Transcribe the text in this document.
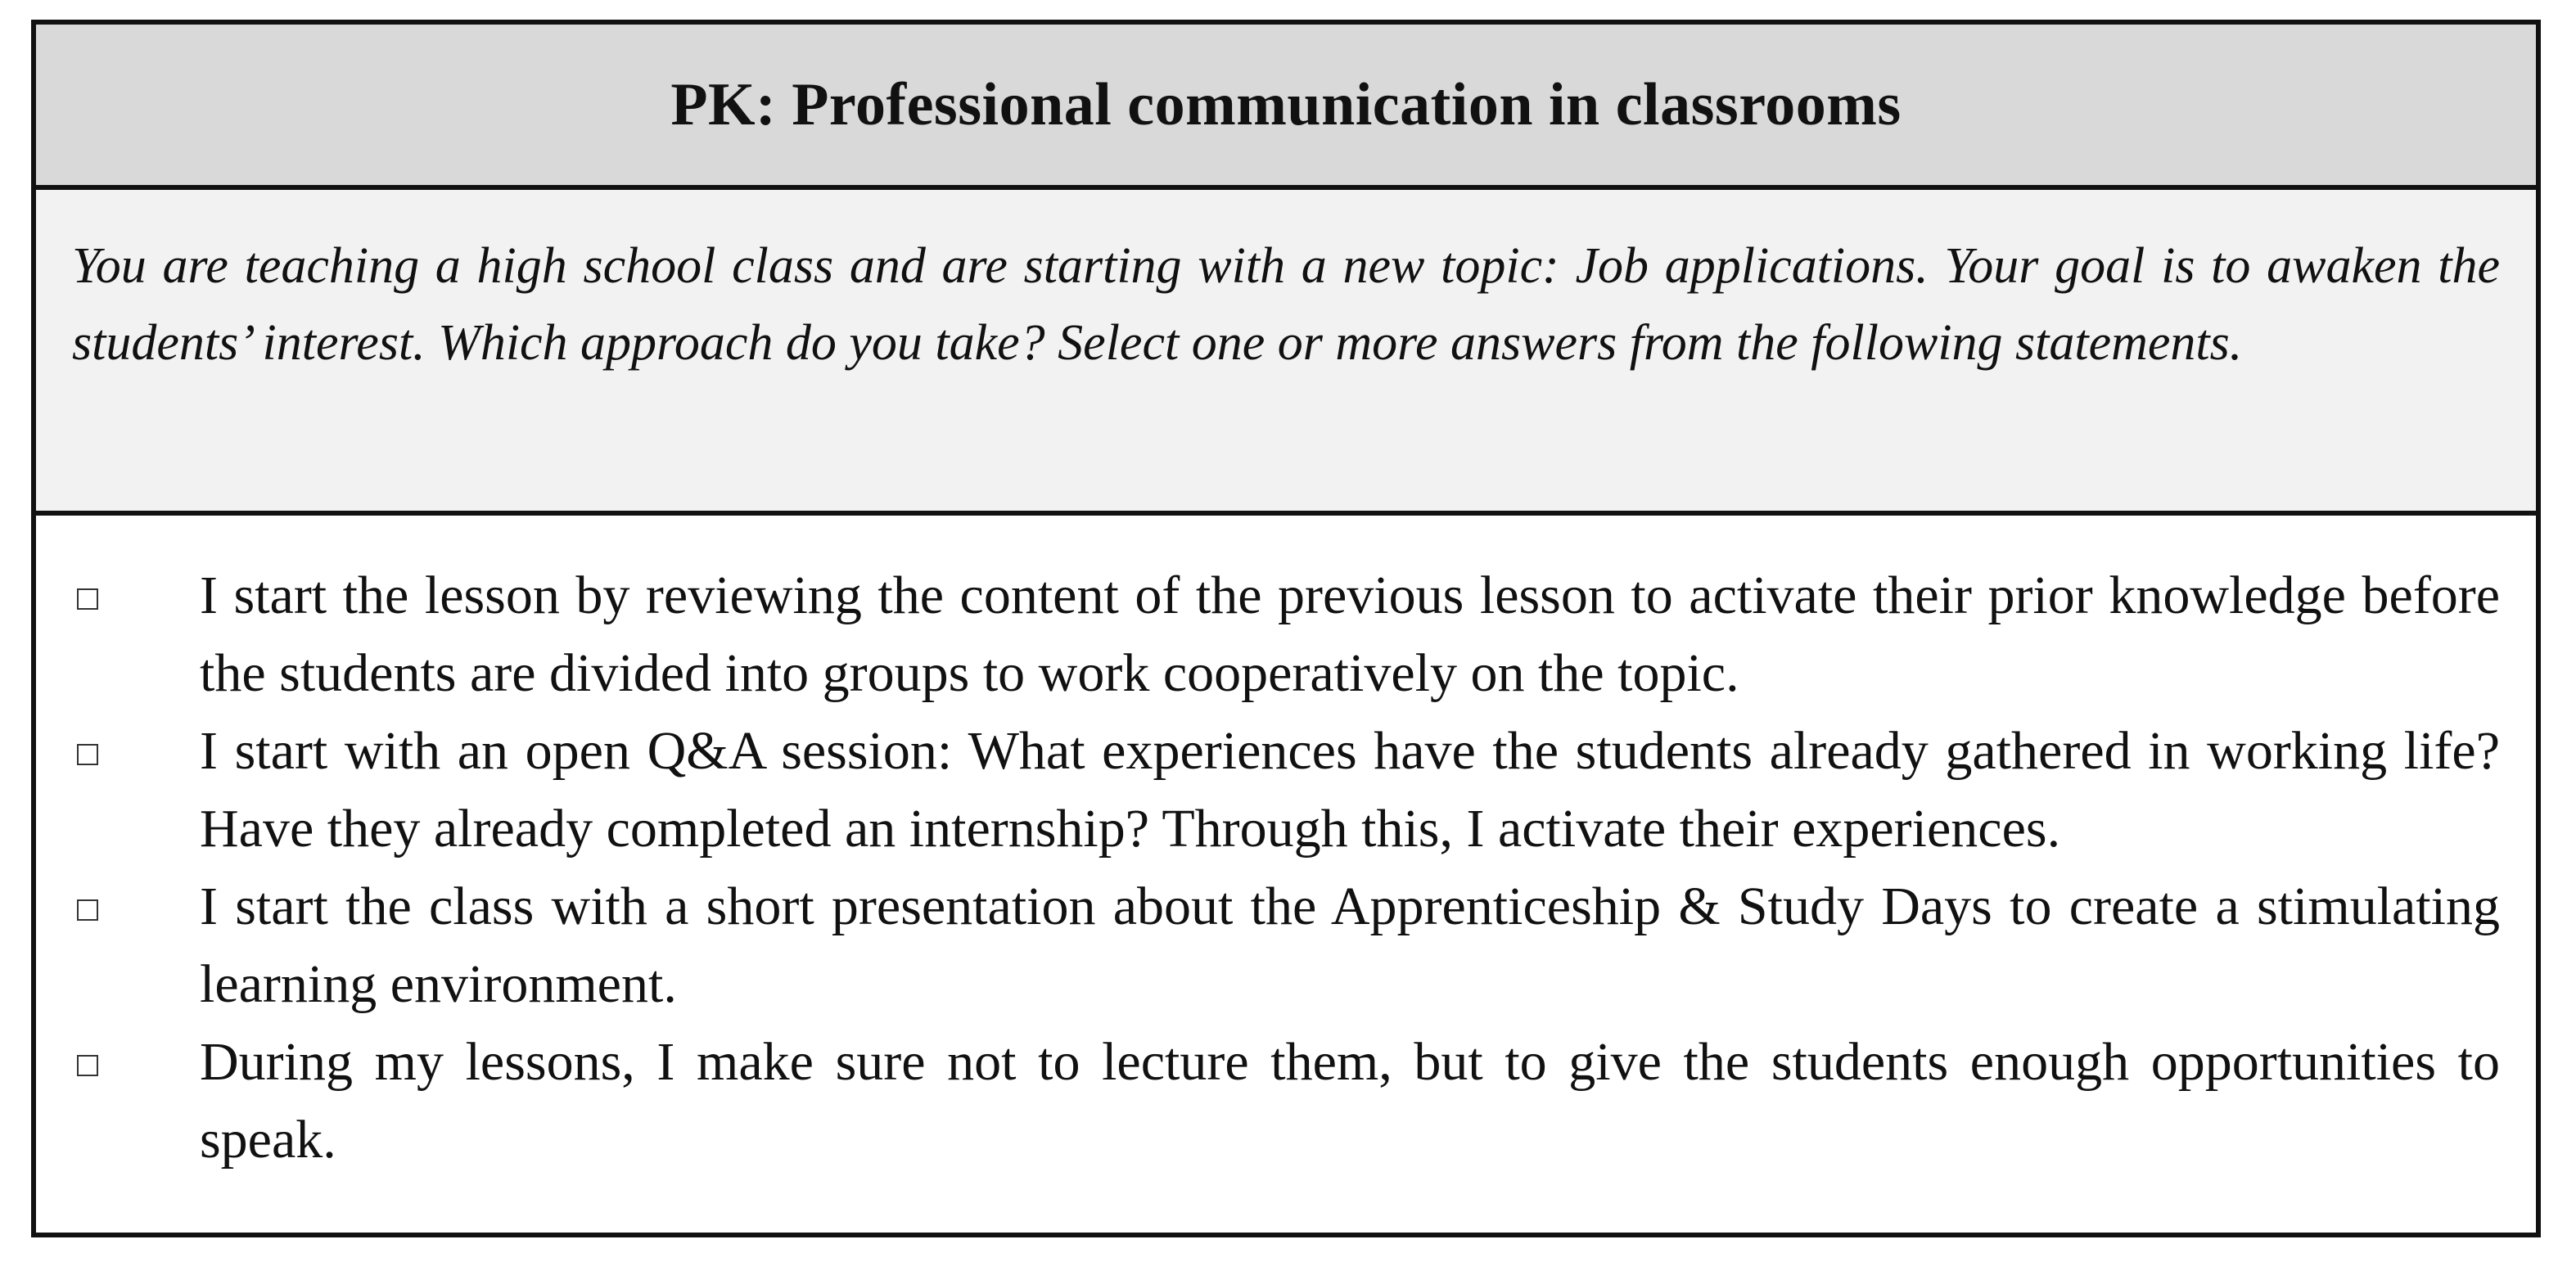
PK: Professional communication in classrooms

You are teaching a high school class and are starting with a new topic: Job applications. Your goal is to awaken the students’ interest. Which approach do you take? Select one or more answers from the following statements.

I start the lesson by reviewing the content of the previous lesson to activate their prior knowledge before the students are divided into groups to work cooperatively on the topic.
I start with an open Q&A session: What experiences have the students already gathered in working life? Have they already completed an internship? Through this, I activate their experiences.
I start the class with a short presentation about the Apprenticeship & Study Days to create a stimulating learning environment.
During my lessons, I make sure not to lecture them, but to give the students enough opportunities to speak.
